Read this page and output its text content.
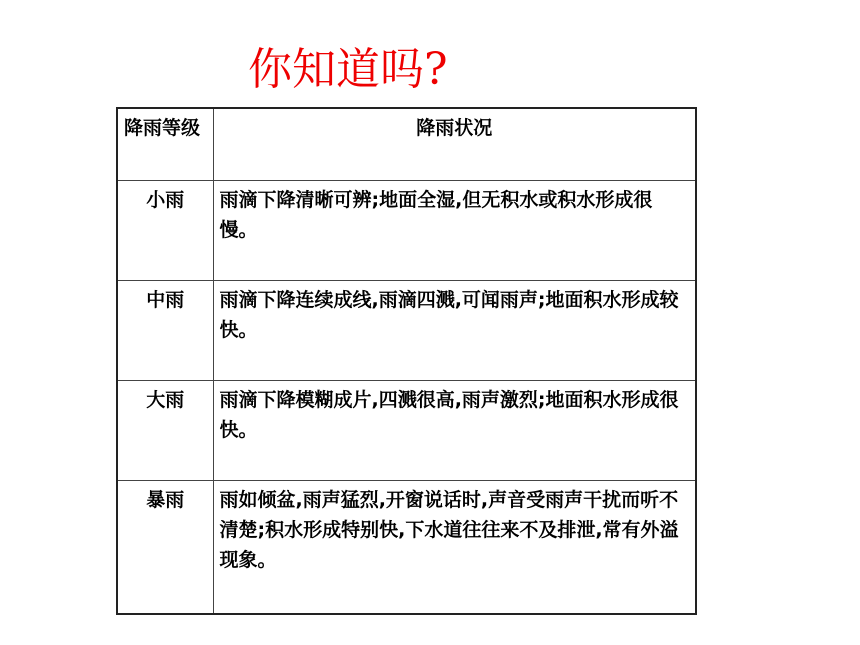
你知道吗?
降雨等级	降雨状况
小雨	雨滴下降清晰可辨;地面全湿,但无积水或积水形成很慢。
中雨	雨滴下降连续成线,雨滴四溅,可闻雨声;地面积水形成较快。
大雨	雨滴下降模糊成片,四溅很高,雨声激烈;地面积水形成很快。
暴雨	雨如倾盆,雨声猛烈,开窗说话时,声音受雨声干扰而听不清楚;积水形成特别快,下水道往往来不及排泄,常有外溢现象。
